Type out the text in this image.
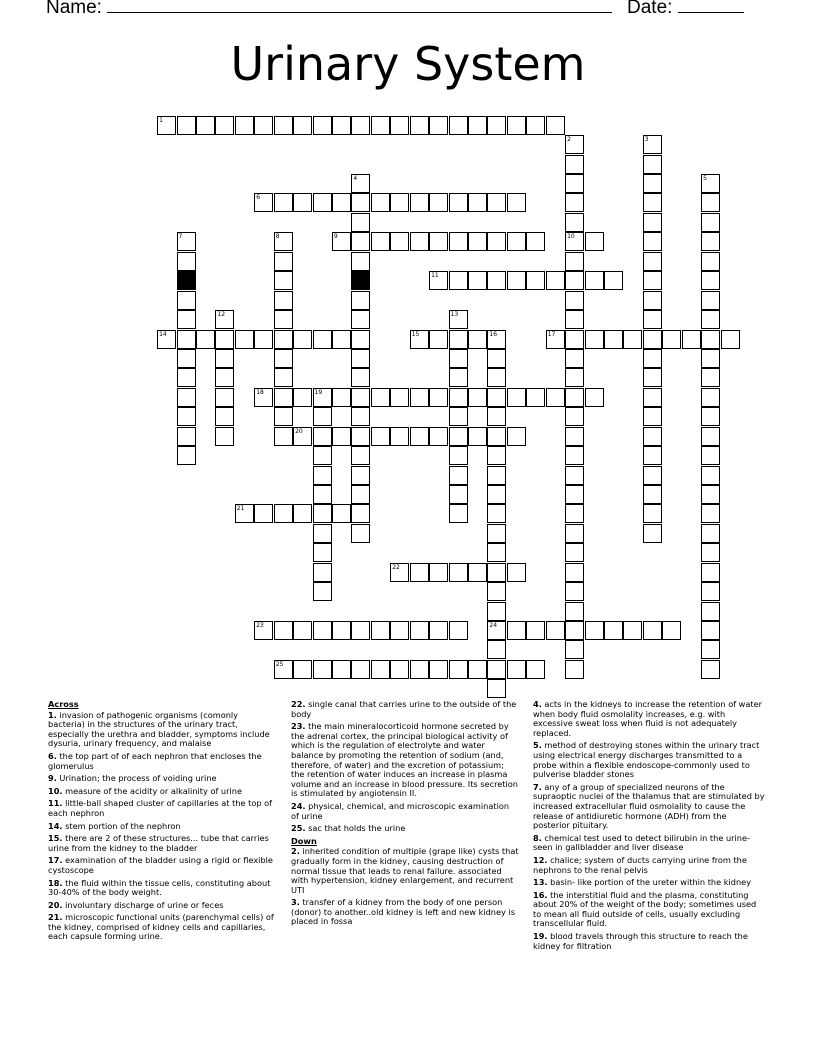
Name:	Date:
Urinary System
1
2
10
3
4	5
6
7	8	9
11
12	13
14	15	16
24
17
18	19
20
21
22
23
25
Across
1. invasion of pathogenic organisms (comonly bacteria) in the structures of the urinary tract, especially the urethra and bladder, symptoms include dysuria, urinary frequency, and malaise
6. the top part of of each nephron that encloses the glomerulus
9. Urination; the process of voiding urine
10. measure of the acidity or alkalinity of urine
11. little-ball shaped cluster of capillaries at the top of each nephron
14. stem portion of the nephron
15. there are 2 of these structures... tube that carries urine from the kidney to the bladder
17. examination of the bladder using a rigid or flexible cystoscope
18. the fluid within the tissue cells, constituting about 30-40% of the body weight.
20. involuntary discharge of urine or feces
21. microscopic functional units (parenchymal cells) of the kidney, comprised of kidney cells and capillaries, each capsule forming urine.
22. single canal that carries urine to the outside of the body
23. the main mineralocorticoid hormone secreted by the adrenal cortex, the principal biological activity of which is the regulation of electrolyte and water balance by promoting the retention of sodium (and, therefore, of water) and the excretion of potassium; the retention of water induces an increase in plasma volume and an increase in blood pressure. Its secretion is stimulated by angiotensin II.
24. physical, chemical, and microscopic examination of urine
25. sac that holds the urine
Down
2. inherited condition of multiple (grape like) cysts that gradually form in the kidney, causing destruction of normal tissue that leads to renal failure. associated with hypertension, kidney enlargement, and recurrent UTI
3. transfer of a kidney from the body of one person (donor) to another..old kidney is left and new kidney is placed in fossa
4. acts in the kidneys to increase the retention of water when body fluid osmolality increases, e.g. with excessive sweat loss when fluid is not adequately replaced.
5. method of destroying stones within the urinary tract using electrical energy discharges transmitted to a probe within a flexible endoscope-commonly used to pulverise bladder stones
7. any of a group of specialized neurons of the supraoptic nuclei of the thalamus that are stimulated by increased extracellular fluid osmolality to cause the release of antidiuretic hormone (ADH) from the posterior pituitary.
8. chemical test used to detect bilirubin in the urine- seen in gallbladder and liver disease
12. chalice; system of ducts carrying urine from the nephrons to the renal pelvis
13. basin- like portion of the ureter within the kidney
16. the interstitial fluid and the plasma, constituting about 20% of the weight of the body; sometimes used to mean all fluid outside of cells, usually excluding transcellular fluid.
19. blood travels through this structure to reach the kidney for filtration
